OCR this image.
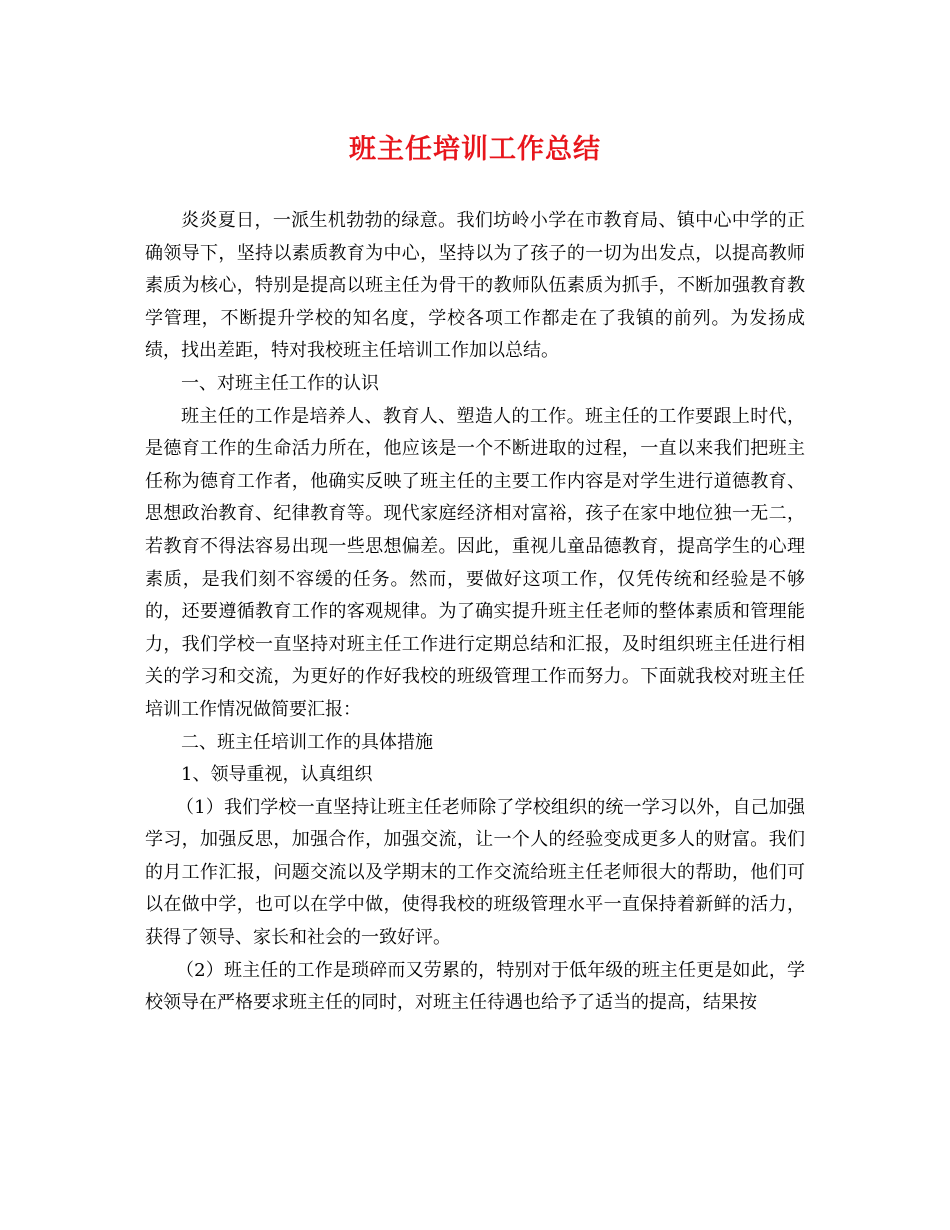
班主任培训工作总结

炎炎夏日，一派生机勃勃的绿意。我们坊岭小学在市教育局、镇中心中学的正确领导下，坚持以素质教育为中心，坚持以为了孩子的一切为出发点，以提高教师素质为核心，特别是提高以班主任为骨干的教师队伍素质为抓手，不断加强教育教学管理，不断提升学校的知名度，学校各项工作都走在了我镇的前列。为发扬成绩，找出差距，特对我校班主任培训工作加以总结。

一、对班主任工作的认识

班主任的工作是培养人、教育人、塑造人的工作。班主任的工作要跟上时代，是德育工作的生命活力所在，他应该是一个不断进取的过程，一直以来我们把班主任称为德育工作者，他确实反映了班主任的主要工作内容是对学生进行道德教育、思想政治教育、纪律教育等。现代家庭经济相对富裕，孩子在家中地位独一无二，若教育不得法容易出现一些思想偏差。因此，重视儿童品德教育，提高学生的心理素质，是我们刻不容缓的任务。然而，要做好这项工作，仅凭传统和经验是不够的，还要遵循教育工作的客观规律。为了确实提升班主任老师的整体素质和管理能力，我们学校一直坚持对班主任工作进行定期总结和汇报，及时组织班主任进行相关的学习和交流，为更好的作好我校的班级管理工作而努力。下面就我校对班主任培训工作情况做简要汇报：

二、班主任培训工作的具体措施

1、领导重视，认真组织

（1）我们学校一直坚持让班主任老师除了学校组织的统一学习以外，自己加强学习，加强反思，加强合作，加强交流，让一个人的经验变成更多人的财富。我们的月工作汇报，问题交流以及学期末的工作交流给班主任老师很大的帮助，他们可以在做中学，也可以在学中做，使得我校的班级管理水平一直保持着新鲜的活力，获得了领导、家长和社会的一致好评。

（2）班主任的工作是琐碎而又劳累的，特别对于低年级的班主任更是如此，学校领导在严格要求班主任的同时，对班主任待遇也给予了适当的提高，结果按
